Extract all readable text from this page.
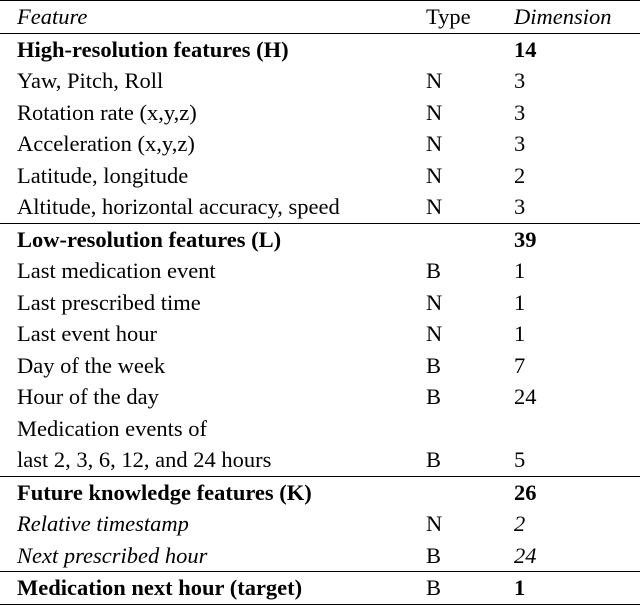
Feature	Type	Dimension
High-resolution features (H)		14
Yaw, Pitch, Roll	N	3
Rotation rate (x,y,z)	N	3
Acceleration (x,y,z)	N	3
Latitude, longitude	N	2
Altitude, horizontal accuracy, speed	N	3
Low-resolution features (L)		39
Last medication event	B	1
Last prescribed time	N	1
Last event hour	N	1
Day of the week	B	7
Hour of the day	B	24
Medication events of		
last 2, 3, 6, 12, and 24 hours	B	5
Future knowledge features (K)		26
Relative timestamp	N	2
Next prescribed hour	B	24
Medication next hour (target)	B	1
